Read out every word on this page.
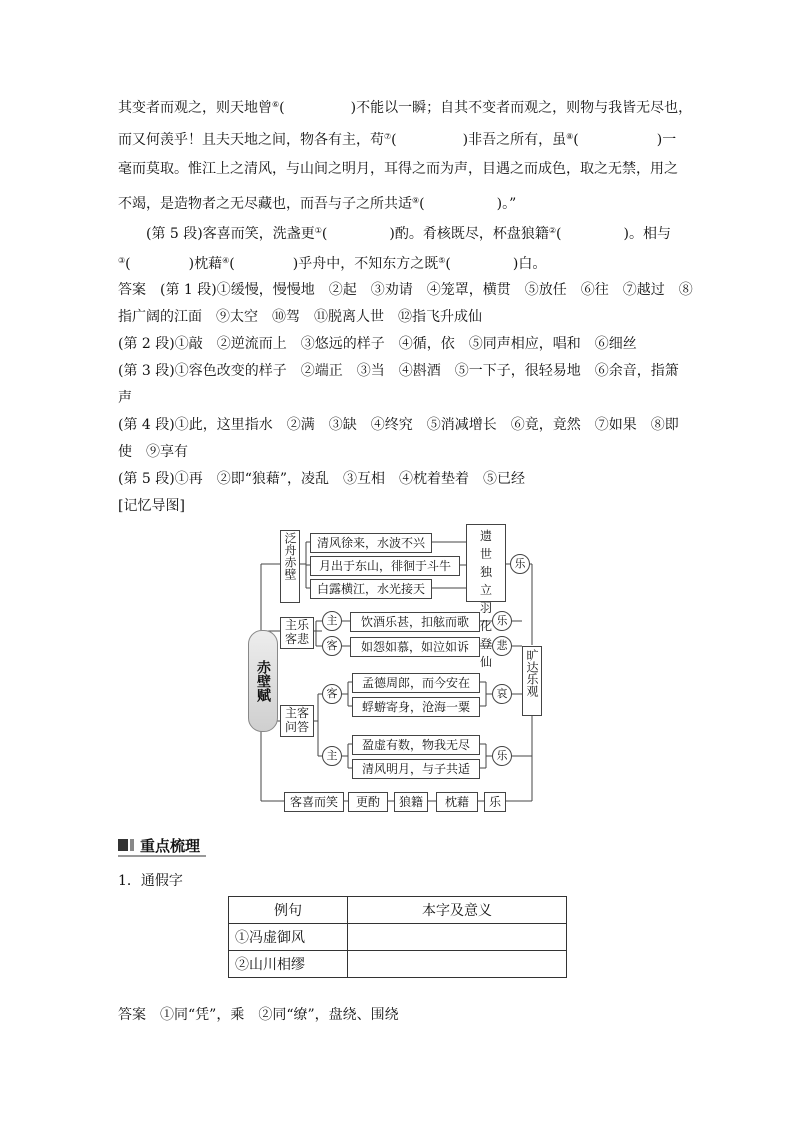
其变者而观之，则天地曾⑥(	)不能以一瞬；自其不变者而观之，则物与我皆无尽也，
而又何羡乎！且夫天地之间，物各有主，苟⑦(	)非吾之所有，虽⑧(	)一
毫而莫取。惟江上之清风，与山间之明月，耳得之而为声，目遇之而成色，取之无禁，用之
不竭，是造物者之无尽藏也，而吾与子之所共适⑨(	)。”
(第 5 段)客喜而笑，洗盏更①(	)酌。肴核既尽，杯盘狼籍②(	)。相与
③(	)枕藉④(	)乎舟中，不知东方之既⑤(	)白。
答案　 (第 1 段)①缓慢，慢慢地　②起　③劝请　④笼罩，横贯　⑤放任　⑥往　⑦越过　⑧
指广阔的江面　⑨太空　⑩驾　⑪脱离人世　⑫指飞升成仙
(第 2 段)①敲　②逆流而上　③悠远的样子　④循，依　⑤同声相应，唱和　⑥细丝
(第 3 段)①容色改变的样子　②端正　③当　④斟酒　⑤一下子，很轻易地　⑥余音，指箫
声
(第 4 段)①此，这里指水　②满　③缺　④终究　⑤消减增长　⑥竟，竟然　⑦如果　⑧即
使　⑨享有
(第 5 段)①再　②即“狼藉”，凌乱　③互相　④枕着垫着　⑤已经
[记忆导图]
赤壁赋
泛舟赤壁	清风徐来，水波不兴
月出于东山，徘徊于斗牛
白露横江，水光接天
遗世独立羽化登仙
乐
主乐客悲
主
客
饮酒乐甚，扣舷而歌
如怨如慕，如泣如诉
乐
悲
旷达乐观
主客问答
客
孟德周郎，而今安在
蜉蝣寄身，沧海一粟
哀
主
盈虚有数，物我无尽
清风明月，与子共适
乐
客喜而笑	更酌	狼籍	枕藉	乐
重点梳理
1．通假字
例句	本字及意义
①冯虚御风	
②山川相缪	
答案　 ①同“凭”，乘　②同“缭”，盘绕、围绕
